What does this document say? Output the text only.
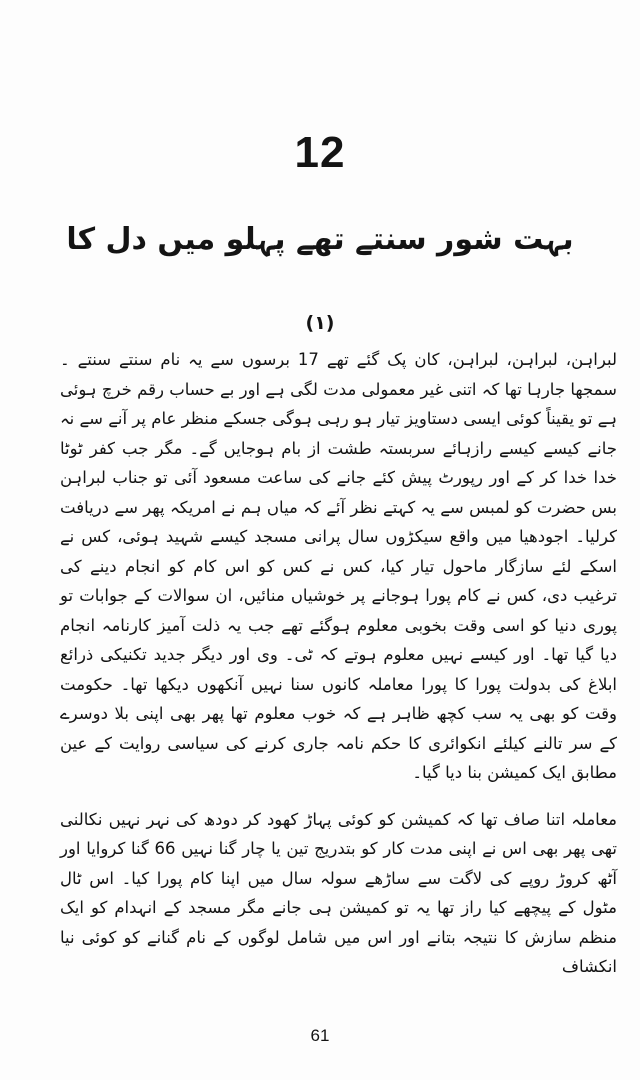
12
بہت شور سنتے تھے پہلو میں دل کا
(۱)

لبراہن، لبراہن، لبراہن، کان پک گئے تھے 17 برسوں سے یہ نام سنتے سنتے ۔ سمجھا جارہا تھا کہ اتنی غیر معمولی مدت لگی ہے اور بے حساب رقم خرچ ہوئی ہے تو یقیناً کوئی ایسی دستاویز تیار ہو رہی ہوگی جسکے منظر عام پر آنے سے نہ جانے کیسے کیسے رازہائے سربستہ طشت از بام ہوجایں گے۔ مگر جب کفر ٹوٹا خدا خدا کر کے اور رپورٹ پیش کئے جانے کی ساعت مسعود آئی تو جناب لبراہن بس حضرت کو لمبس سے یہ کہتے نظر آئے کہ میاں ہم نے امریکہ پھر سے دریافت کرلیا۔ اجودھیا میں واقع سیکڑوں سال پرانی مسجد کیسے شہید ہوئی، کس نے اسکے لئے سازگار ماحول تیار کیا، کس نے کس کو اس کام کو انجام دینے کی ترغیب دی، کس نے کام پورا ہوجانے پر خوشیاں منائیں، ان سوالات کے جوابات تو پوری دنیا کو اسی وقت بخوبی معلوم ہوگئے تھے جب یہ ذلت آمیز کارنامہ انجام دیا گیا تھا۔ اور کیسے نہیں معلوم ہوتے کہ ٹی۔ وی اور دیگر جدید تکنیکی ذرائع ابلاغ کی بدولت پورا کا پورا معاملہ کانوں سنا نہیں آنکھوں دیکھا تھا۔ حکومت وقت کو بھی یہ سب کچھ ظاہر ہے کہ خوب معلوم تھا پھر بھی اپنی بلا دوسرے کے سر تالنے کیلئے انکوائری کا حکم نامہ جاری کرنے کی سیاسی روایت کے عین مطابق ایک کمیشن بنا دیا گیا۔

معاملہ اتنا صاف تھا کہ کمیشن کو کوئی پہاڑ کھود کر دودھ کی نہر نہیں نکالنی تھی پھر بھی اس نے اپنی مدت کار کو بتدریج تین یا چار گنا نہیں 66 گنا کروایا اور آٹھ کروڑ روپے کی لاگت سے ساڑھے سولہ سال میں اپنا کام پورا کیا۔ اس ٹال مٹول کے پیچھے کیا راز تھا یہ تو کمیشن ہی جانے مگر مسجد کے انہدام کو ایک منظم سازش کا نتیجہ بتانے اور اس میں شامل لوگوں کے نام گنانے کو کوئی نیا انکشاف

61
